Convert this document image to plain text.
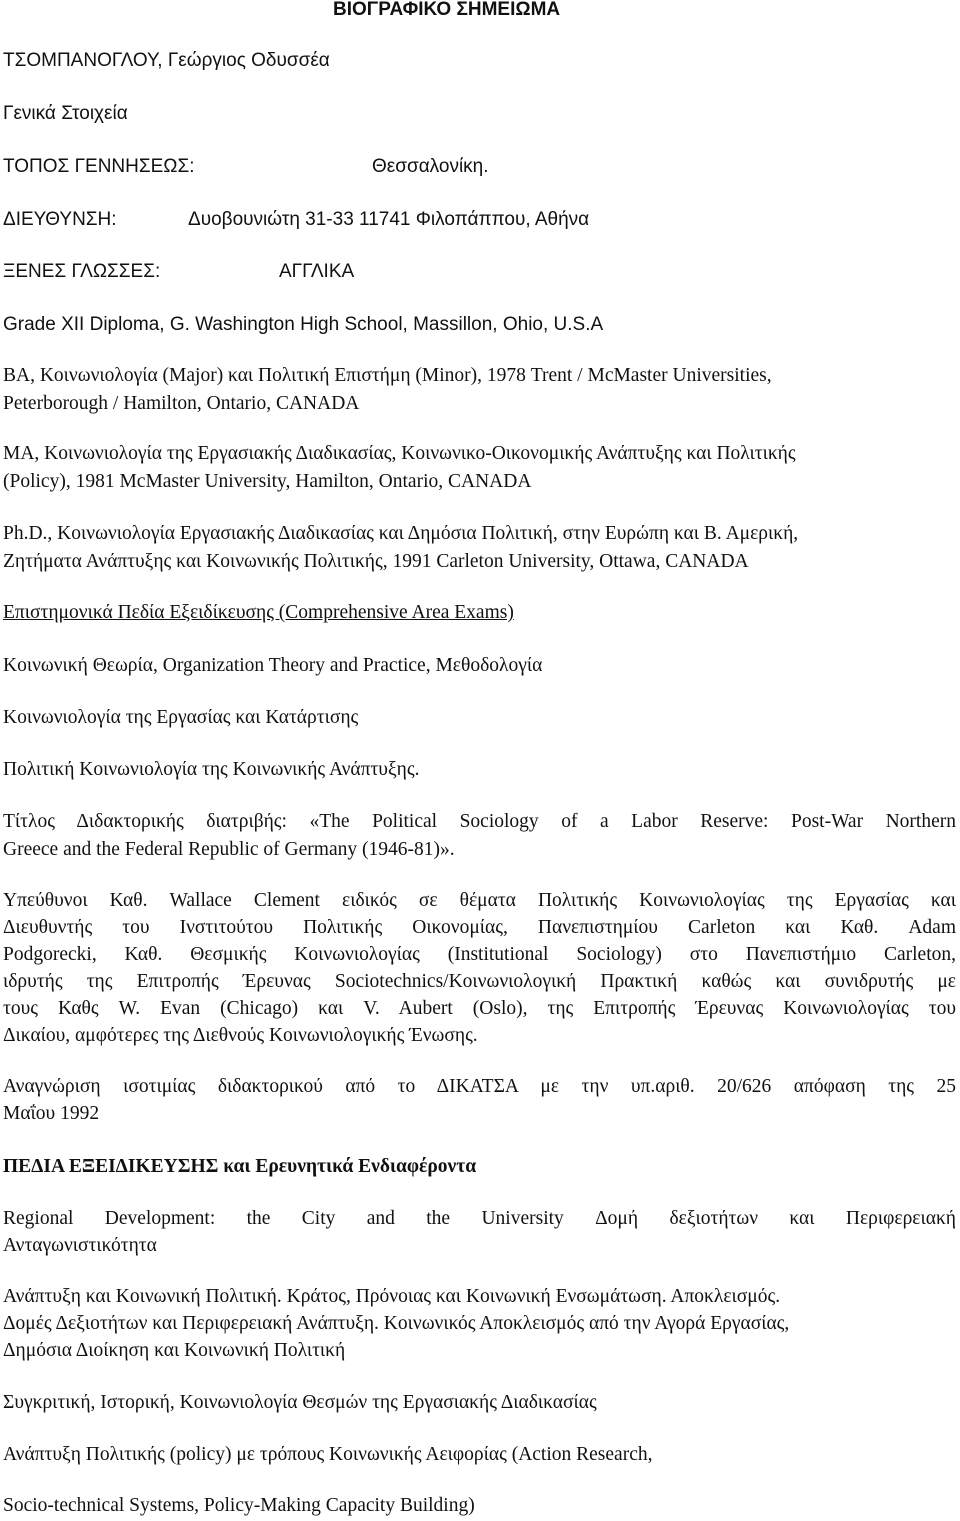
ΒΙΟΓΡΑΦΙΚΟ ΣΗΜΕΙΩΜΑ
ΤΣΟΜΠΑΝΟΓΛΟΥ, Γεώργιος Οδυσσέα
Γενικά Στοιχεία
ΤΟΠΟΣ ΓΕΝΝΗΣΕΩΣ:	Θεσσαλονίκη.
ΔΙΕΥΘΥΝΣΗ:	Δυοβουνιώτη 31-33 11741 Φιλοπάππου, Αθήνα
ΞΕΝΕΣ ΓΛΩΣΣΕΣ:	ΑΓΓΛΙΚΑ
Grade XII Diploma, G. Washington High School, Massillon, Ohio, U.S.A
BA, Κοινωνιολογία (Major) και Πολιτική Επιστήμη (Minor), 1978 Trent / McMaster Universities,
Peterborough / Hamilton, Ontario, CANADA
MA, Κοινωνιολογία της Εργασιακής Διαδικασίας, Κοινωνικο-Οικονομικής Ανάπτυξης και Πολιτικής
(Policy), 1981 McMaster University, Hamilton, Ontario, CANADA
Ph.D., Κοινωνιολογία Εργασιακής Διαδικασίας και Δημόσια Πολιτική, στην Ευρώπη και Β. Αμερική,
Ζητήματα Ανάπτυξης και Κοινωνικής Πολιτικής, 1991 Carleton University, Ottawa, CANADA
Επιστημονικά Πεδία Εξειδίκευσης (Comprehensive Area Exams)
Κοινωνική Θεωρία, Organization Theory and Practice, Μεθοδολογία
Κοινωνιολογία της Εργασίας και Κατάρτισης
Πολιτική Κοινωνιολογία της Κοινωνικής Ανάπτυξης.
Τίτλος Διδακτορικής διατριβής: «The Political Sociology of a Labor Reserve: Post-War Northern
Greece and the Federal Republic of Germany (1946-81)».
Υπεύθυνοι Καθ. Wallace Clement ειδικός σε θέματα Πολιτικής Κοινωνιολογίας της Εργασίας και
Διευθυντής του Ινστιτούτου Πολιτικής Οικονομίας, Πανεπιστημίου Carleton και Καθ. Adam
Podgorecki, Καθ. Θεσμικής Κοινωνιολογίας (Institutional Sociology) στο Πανεπιστήμιο Carleton,
ιδρυτής της Επιτροπής Έρευνας Sociotechnics/Κοινωνιολογική Πρακτική καθώς και συνιδρυτής με
τους Καθς W. Evan (Chicago) και V. Aubert (Oslo), της Επιτροπής Έρευνας Κοινωνιολογίας του
Δικαίου, αμφότερες της Διεθνούς Κοινωνιολογικής Ένωσης.
Αναγνώριση ισοτιμίας διδακτορικού από το ΔΙΚΑΤΣΑ με την υπ.αριθ. 20/626 απόφαση της 25
Μαΐου 1992
ΠΕΔΙΑ ΕΞΕΙΔΙΚΕΥΣΗΣ και Ερευνητικά Ενδιαφέροντα
Regional Development: the City and the University Δομή δεξιοτήτων και Περιφερειακή
Ανταγωνιστικότητα
Ανάπτυξη και Κοινωνική Πολιτική. Κράτος, Πρόνοιας και Κοινωνική Ενσωμάτωση. Αποκλεισμός.
Δομές Δεξιοτήτων και Περιφερειακή Ανάπτυξη. Κοινωνικός Αποκλεισμός από την Αγορά Εργασίας,
Δημόσια Διοίκηση και Κοινωνική Πολιτική
Συγκριτική, Ιστορική, Κοινωνιολογία Θεσμών της Εργασιακής Διαδικασίας
Ανάπτυξη Πολιτικής (policy) με τρόπους Κοινωνικής Αειφορίας (Action Research,
Socio-technical Systems, Policy-Making Capacity Building)
